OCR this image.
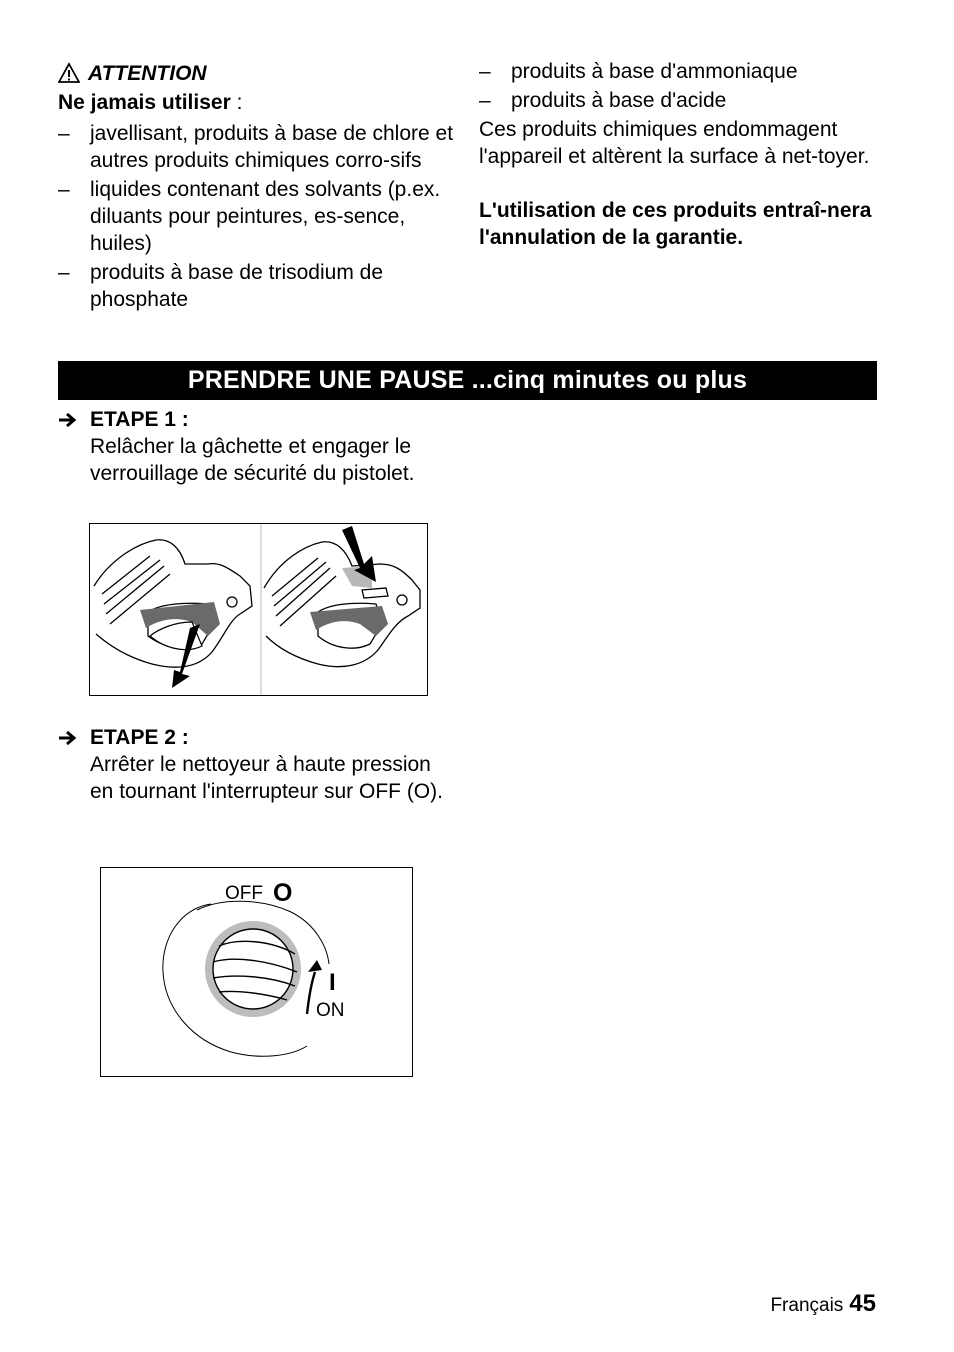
ATTENTION
Ne jamais utiliser :
– javellisant, produits à base de chlore et autres produits chimiques corro-sifs
– liquides contenant des solvants (p.ex. diluants pour peintures, es-sence, huiles)
– produits à base de trisodium de phosphate
– produits à base d'ammoniaque
– produits à base d'acide

Ces produits chimiques endommagent l'appareil et altèrent la surface à net-toyer.

L'utilisation de ces produits entraî-nera l'annulation de la garantie.

PRENDRE UNE PAUSE ...cinq minutes ou plus
ETAPE 1 :
Relâcher la gâchette et engager le verrouillage de sécurité du pistolet.
ETAPE 2 :
Arrêter le nettoyeur à haute pression en tournant l'interrupteur sur OFF (O).
OFF O
I
ON
Français 45
